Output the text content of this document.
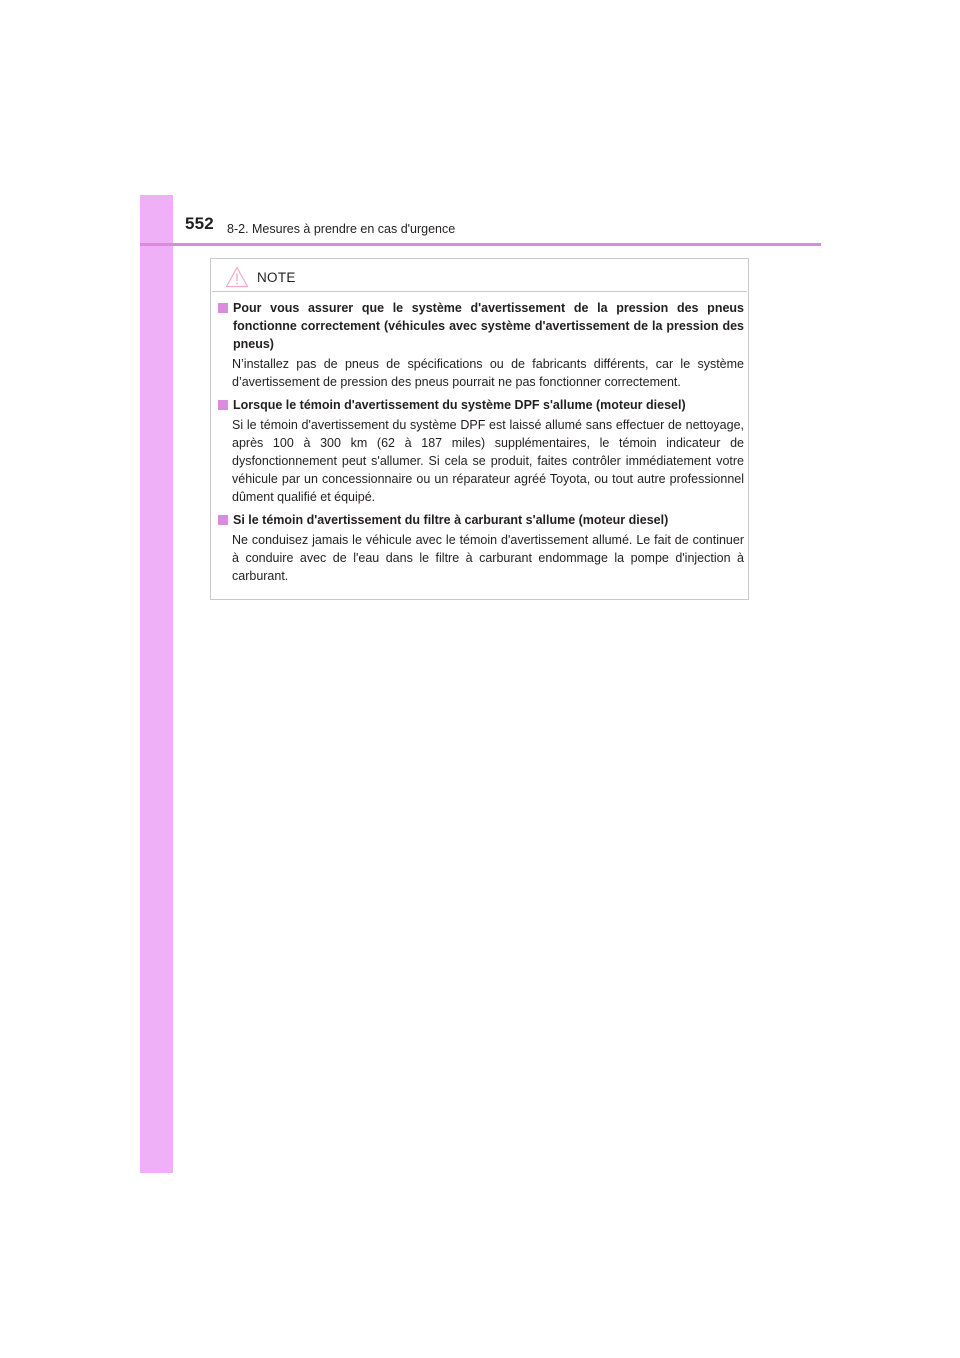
552 8-2. Mesures à prendre en cas d'urgence
NOTE
Pour vous assurer que le système d'avertissement de la pression des pneus fonctionne correctement (véhicules avec système d'avertissement de la pression des pneus)
N’installez pas de pneus de spécifications ou de fabricants différents, car le système d’avertissement de pression des pneus pourrait ne pas fonctionner correctement.
Lorsque le témoin d'avertissement du système DPF s'allume (moteur diesel)
Si le témoin d'avertissement du système DPF est laissé allumé sans effectuer de nettoyage, après 100 à 300 km (62 à 187 miles) supplémentaires, le témoin indicateur de dysfonctionnement peut s'allumer. Si cela se produit, faites contrôler immédiatement votre véhicule par un concessionnaire ou un réparateur agréé Toyota, ou tout autre professionnel dûment qualifié et équipé.
Si le témoin d'avertissement du filtre à carburant s'allume (moteur diesel)
Ne conduisez jamais le véhicule avec le témoin d'avertissement allumé. Le fait de continuer à conduire avec de l'eau dans le filtre à carburant endommage la pompe d'injection à carburant.
